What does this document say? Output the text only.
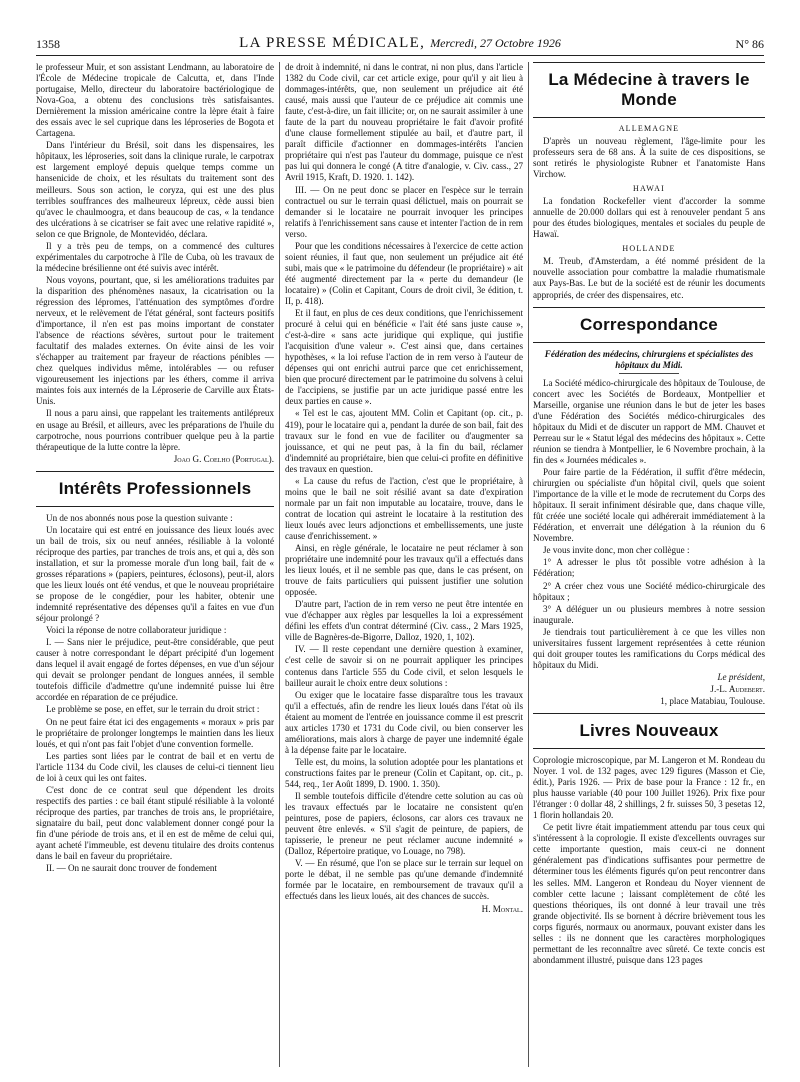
1358	LA PRESSE MÉDICALE, Mercredi, 27 Octobre 1926	N° 86

le professeur Muir, et son assistant Lendmann, au laboratoire de l'École de Médecine tropicale de Calcutta, et, dans l'Inde portugaise, Mello, directeur du laboratoire bactériologique de Nova-Goa, a obtenu des conclusions très satisfaisantes. Dernièrement la mission américaine contre la lèpre était à faire des essais avec le sel cuprique dans les léproseries de Bogota et Cartagena.

Dans l'intérieur du Brésil, soit dans les dispensaires, les hôpitaux, les léproseries, soit dans la clinique rurale, le carpotrax est largement employé depuis quelque temps comme un hansenicide de choix, et les résultats du traitement sont des meilleurs. Sous son action, le coryza, qui est une des plus terribles souffrances des malheureux lépreux, cède aussi bien qu'avec le chaulmoogra, et dans beaucoup de cas, « la tendance des ulcérations à se cicatriser se fait avec une relative rapidité », selon ce que Brignole, de Montevidéo, déclara.

Il y a très peu de temps, on a commencé des cultures expérimentales du carpotroche à l'île de Cuba, où les travaux de la médecine brésilienne ont été suivis avec intérêt.

Nous voyons, pourtant, que, si les améliorations traduites par la disparition des phénomènes nasaux, la cicatrisation ou la régression des lépromes, l'atténuation des symptômes d'ordre nerveux, et le relèvement de l'état général, sont facteurs positifs d'importance, il n'en est pas moins important de constater l'absence de réactions sévères, surtout pour le traitement facultatif des malades externes. On évite ainsi de les voir s'échapper au traitement par frayeur de réactions pénibles — chez quelques individus même, intolérables — ou refuser vigoureusement les injections par les éthers, comme il arriva maintes fois aux internés de la Léproserie de Carville aux États-Unis.

Il nous a paru ainsi, que rappelant les traitements antilépreux en usage au Brésil, et ailleurs, avec les préparations de l'huile du carpotroche, nous pourrions contribuer quelque peu à la partie thérapeutique de la lutte contre la lèpre.

Joao G. Coelho (Portugal).

Intérêts Professionnels

Un de nos abonnés nous pose la question suivante :

Un locataire qui est entré en jouissance des lieux loués avec un bail de trois, six ou neuf années, résiliable à la volonté réciproque des parties, par tranches de trois ans, et qui a, dès son installation, et sur la promesse morale d'un long bail, fait de « grosses réparations » (papiers, peintures, éclosons), peut-il, alors que les lieux loués ont été vendus, et que le nouveau propriétaire se propose de le congédier, pour les habiter, obtenir une indemnité représentative des dépenses qu'il a faites en vue d'un séjour prolongé ?

Voici la réponse de notre collaborateur juridique :

I. — Sans nier le préjudice, peut-être considérable, que peut causer à notre correspondant le départ précipité d'un logement dans lequel il avait engagé de fortes dépenses, en vue d'un séjour qui devait se prolonger pendant de longues années, il semble toutefois difficile d'admettre qu'une indemnité puisse lui être accordée en réparation de ce préjudice.

Le problème se pose, en effet, sur le terrain du droit strict :

On ne peut faire état ici des engagements « moraux » pris par le propriétaire de prolonger longtemps le maintien dans les lieux loués, et qui n'ont pas fait l'objet d'une convention formelle.

Les parties sont liées par le contrat de bail et en vertu de l'article 1134 du Code civil, les clauses de celui-ci tiennent lieu de loi à ceux qui les ont faites.

C'est donc de ce contrat seul que dépendent les droits respectifs des parties : ce bail étant stipulé résiliable à la volonté réciproque des parties, par tranches de trois ans, le propriétaire, signataire du bail, peut donc valablement donner congé pour la fin d'une période de trois ans, et il en est de même de celui qui, ayant acheté l'immeuble, est devenu titulaire des droits contenus dans le bail en faveur du propriétaire.

II. — On ne saurait donc trouver de fondement

de droit à indemnité, ni dans le contrat, ni non plus, dans l'article 1382 du Code civil, car cet article exige, pour qu'il y ait lieu à dommages-intérêts, que, non seulement un préjudice ait été causé, mais aussi que l'auteur de ce préjudice ait commis une faute, c'est-à-dire, un fait illicite; or, on ne saurait assimiler à une faute de la part du nouveau propriétaire le fait d'avoir profité d'une clause formellement stipulée au bail, et d'autre part, il paraît difficile d'actionner en dommages-intérêts l'ancien propriétaire qui n'est pas l'auteur du dommage, puisque ce n'est pas lui qui donnera le congé (A titre d'analogie, v. Civ. cass., 27 Avril 1915, Kraft, D. 1920. 1. 142).

III. — On ne peut donc se placer en l'espèce sur le terrain contractuel ou sur le terrain quasi délictuel, mais on pourrait se demander si le locataire ne pourrait invoquer les principes relatifs à l'enrichissement sans cause et intenter l'action de in rem verso.

Pour que les conditions nécessaires à l'exercice de cette action soient réunies, il faut que, non seulement un préjudice ait été subi, mais que « le patrimoine du défendeur (le propriétaire) » ait été augmenté directement par la « perte du demandeur (le locataire) » (Colin et Capitant, Cours de droit civil, 3e édition, t. II, p. 418).

Et il faut, en plus de ces deux conditions, que l'enrichissement procuré à celui qui en bénéficie « l'ait été sans juste cause », c'est-à-dire « sans acte juridique qui explique, qui justifie l'acquisition d'une valeur ». C'est ainsi que, dans certaines hypothèses, « la loi refuse l'action de in rem verso à l'auteur de dépenses qui ont enrichi autrui parce que cet enrichissement, bien que procuré directement par le patrimoine du solvens à celui de l'accipiens, se justifie par un acte juridique passé entre les deux parties en cause ».

« Tel est le cas, ajoutent MM. Colin et Capitant (op. cit., p. 419), pour le locataire qui a, pendant la durée de son bail, fait des travaux sur le fond en vue de faciliter ou d'augmenter sa jouissance, et qui ne peut pas, à la fin du bail, réclamer d'indemnité au propriétaire, bien que celui-ci profite en définitive des travaux en question.

« La cause du refus de l'action, c'est que le propriétaire, à moins que le bail ne soit résilié avant sa date d'expiration normale par un fait non imputable au locataire, trouve, dans le contrat de location qui astreint le locataire à la restitution des lieux loués avec leurs adjonctions et embellissements, une juste cause d'enrichissement. »

Ainsi, en règle générale, le locataire ne peut réclamer à son propriétaire une indemnité pour les travaux qu'il a effectués dans les lieux loués, et il ne semble pas que, dans le cas présent, on trouve de faits particuliers qui puissent justifier une solution opposée.

D'autre part, l'action de in rem verso ne peut être intentée en vue d'échapper aux règles par lesquelles la loi a expressément défini les effets d'un contrat déterminé (Civ. cass., 2 Mars 1925, ville de Bagnères-de-Bigorre, Dalloz, 1920, 1, 102).

IV. — Il reste cependant une dernière question à examiner, c'est celle de savoir si on ne pourrait appliquer les principes contenus dans l'article 555 du Code civil, et selon lesquels le bailleur aurait le choix entre deux solutions :

Ou exiger que le locataire fasse disparaître tous les travaux qu'il a effectués, afin de rendre les lieux loués dans l'état où ils étaient au moment de l'entrée en jouissance comme il est prescrit aux articles 1730 et 1731 du Code civil, ou bien conserver les améliorations, mais alors à charge de payer une indemnité égale à la dépense faite par le locataire.

Telle est, du moins, la solution adoptée pour les plantations et constructions faites par le preneur (Colin et Capitant, op. cit., p. 544, req., 1er Août 1899, D. 1900. 1. 350).

Il semble toutefois difficile d'étendre cette solution au cas où les travaux effectués par le locataire ne consistent qu'en peintures, pose de papiers, éclosons, car alors ces travaux ne peuvent être enlevés. « S'il s'agit de peinture, de papiers, de tapisserie, le preneur ne peut réclamer aucune indemnité » (Dalloz, Répertoire pratique, vo Louage, no 798).

V. — En résumé, que l'on se place sur le terrain sur lequel on porte le débat, il ne semble pas qu'une demande d'indemnité formée par le locataire, en remboursement de travaux qu'il a effectués dans les lieux loués, ait des chances de succès.

H. Montal.

La Médecine à travers le Monde
ALLEMAGNE

D'après un nouveau règlement, l'âge-limite pour les professeurs sera de 68 ans. À la suite de ces dispositions, se sont retirés le physiologiste Rubner et l'anatomiste Hans Virchow.

HAWAI

La fondation Rockefeller vient d'accorder la somme annuelle de 20.000 dollars qui est à renouveler pendant 5 ans pour des études biologiques, mentales et sociales du peuple de Hawaï.

HOLLANDE

M. Treub, d'Amsterdam, a été nommé président de la nouvelle association pour combattre la maladie rhumatismale aux Pays-Bas. Le but de la société est de réunir les documents appropriés, de créer des dispensaires, etc.

Correspondance

Fédération des médecins, chirurgiens et spécialistes des hôpitaux du Midi.

La Société médico-chirurgicale des hôpitaux de Toulouse, de concert avec les Sociétés de Bordeaux, Montpellier et Marseille, organise une réunion dans le but de jeter les bases d'une Fédération des Sociétés médico-chirurgicales des hôpitaux du Midi et de discuter un rapport de MM. Chauvet et Perreau sur le « Statut légal des médecins des hôpitaux ». Cette réunion se tiendra à Montpellier, le 6 Novembre prochain, à la fin des « Journées médicales ».

Pour faire partie de la Fédération, il suffit d'être médecin, chirurgien ou spécialiste d'un hôpital civil, quels que soient l'importance de la ville et le mode de recrutement du Corps des hôpitaux. Il serait infiniment désirable que, dans chaque ville, fût créée une société locale qui adhérerait immédiatement à la Fédération, et enverrait une délégation à la réunion du 6 Novembre.

Je vous invite donc, mon cher collègue :

1° A adresser le plus tôt possible votre adhésion à la Fédération;

2° A créer chez vous une Société médico-chirurgicale des hôpitaux ;

3° A déléguer un ou plusieurs membres à notre session inaugurale.

Je tiendrais tout particulièrement à ce que les villes non universitaires fussent largement représentées à cette réunion qui doit grouper toutes les ramifications du Corps médical des hôpitaux du Midi.

Le président,

J.-L. Audebert.

1, place Matabiau, Toulouse.

Livres Nouveaux

Coprologie microscopique, par M. Langeron et M. Rondeau du Noyer. 1 vol. de 132 pages, avec 129 figures (Masson et Cie, édit.), Paris 1926. — Prix de base pour la France : 12 fr., en plus hausse variable (40 pour 100 Juillet 1926). Prix fixe pour l'étranger : 0 dollar 48, 2 shillings, 2 fr. suisses 50, 3 pesetas 12, 1 florin hollandais 20.

Ce petit livre était impatiemment attendu par tous ceux qui s'intéressent à la coprologie. Il existe d'excellents ouvrages sur cette importante question, mais ceux-ci ne donnent généralement pas d'indications suffisantes pour permettre de déterminer tous les éléments figurés qu'on peut rencontrer dans les selles. MM. Langeron et Rondeau du Noyer viennent de combler cette lacune ; laissant complètement de côté les questions théoriques, ils ont donné à leur travail une très grande objectivité. Ils se bornent à décrire brièvement tous les corps figurés, normaux ou anormaux, pouvant exister dans les selles : ils ne donnent que les caractères morphologiques permettant de les reconnaître avec sûreté. Ce texte concis est abondamment illustré, puisque dans 123 pages
